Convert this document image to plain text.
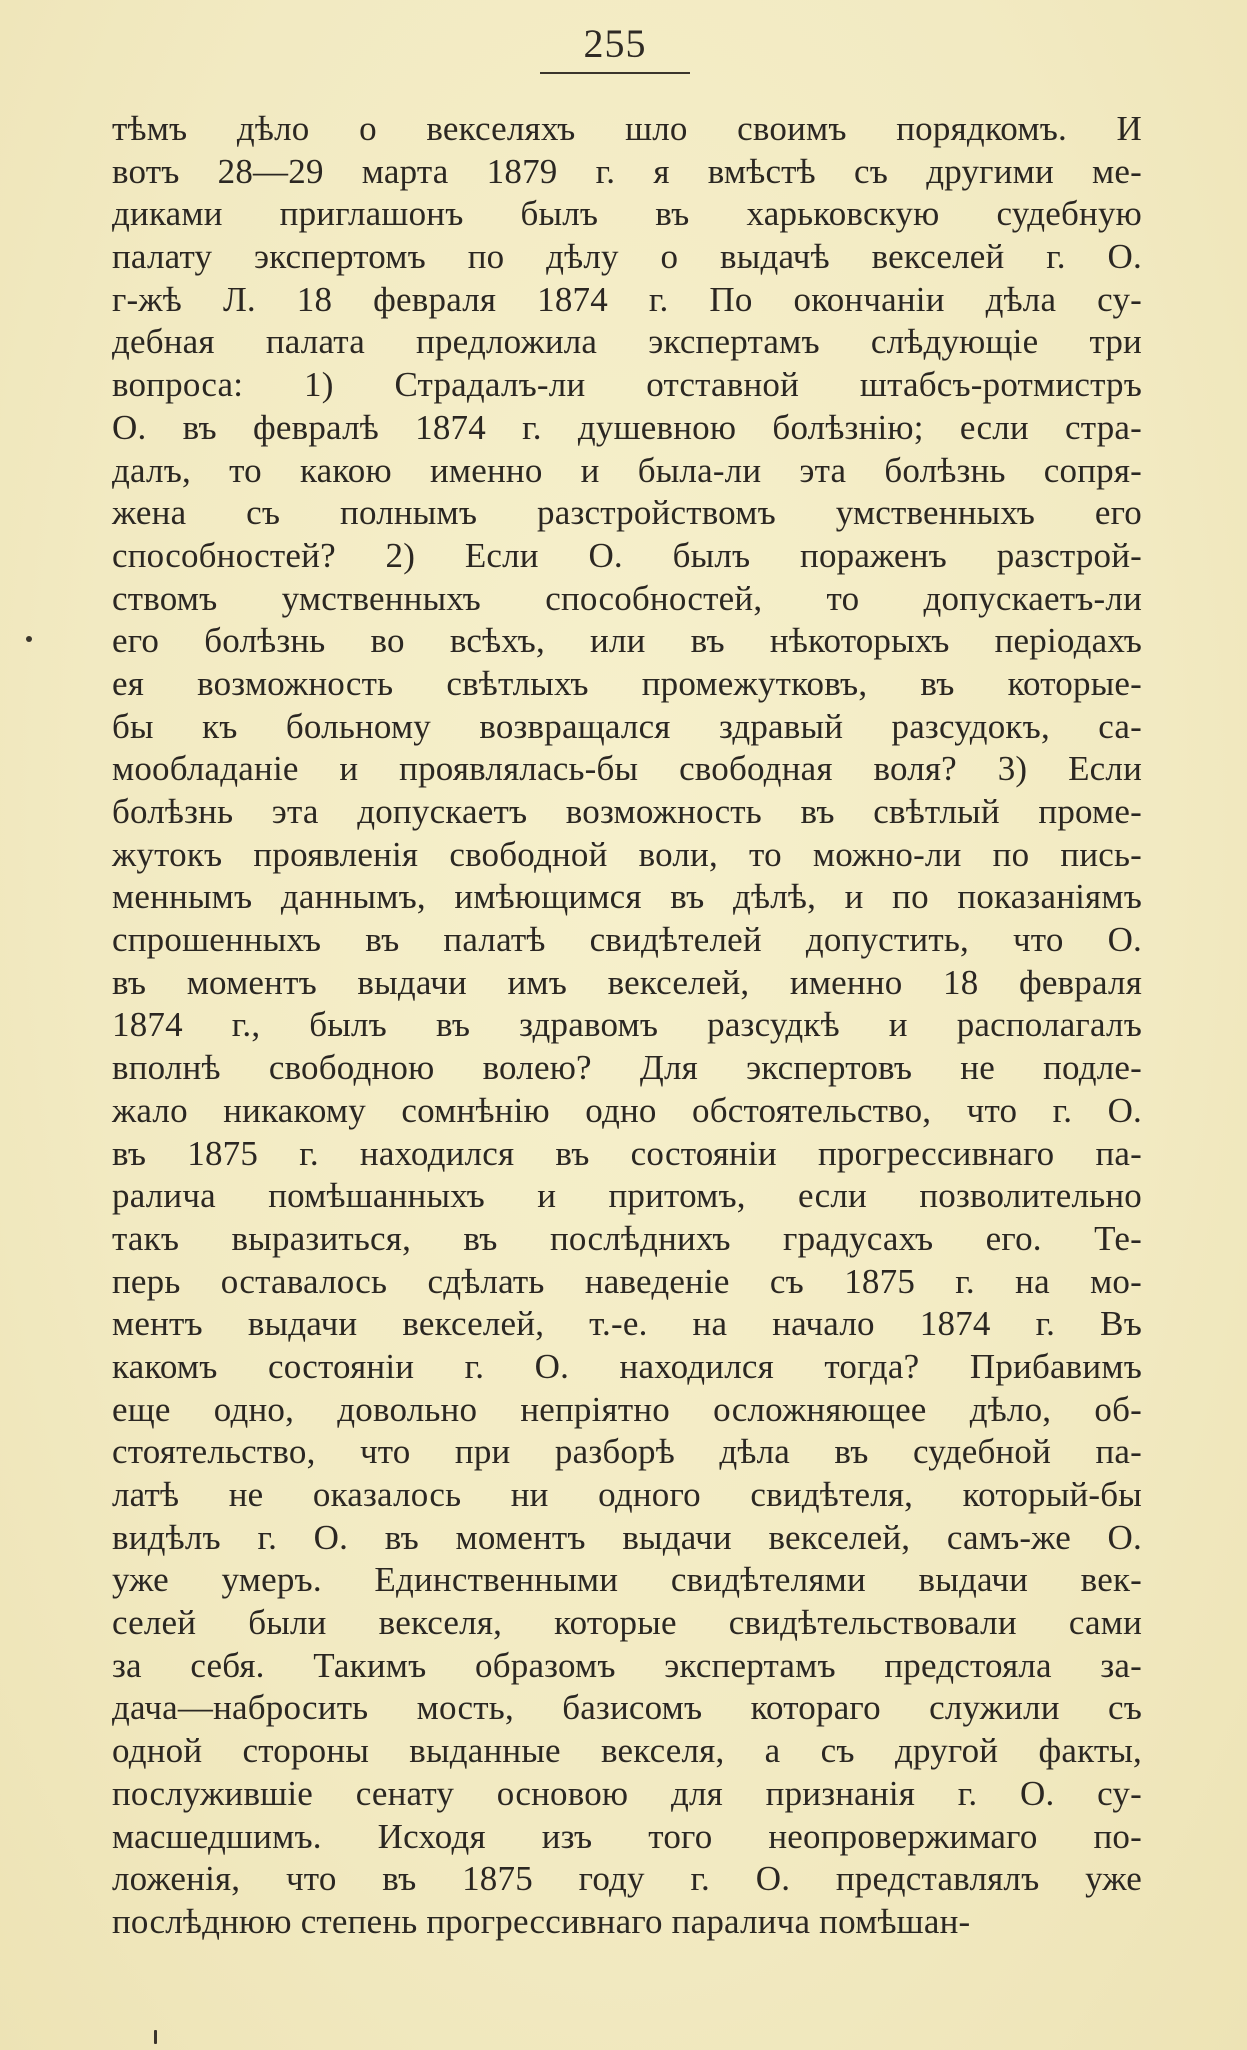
255
тѣмъ дѣло о векселяхъ шло своимъ порядкомъ. И
вотъ 28—29 марта 1879 г. я вмѣстѣ съ другими ме-
диками приглашонъ былъ въ харьковскую судебную
палату экспертомъ по дѣлу о выдачѣ векселей г. О.
г-жѣ Л. 18 февраля 1874 г. По окончаніи дѣла су-
дебная палата предложила экспертамъ слѣдующіе три
вопроса: 1) Страдалъ-ли отставной штабсъ-ротмистръ
О. въ февралѣ 1874 г. душевною болѣзнію; если стра-
далъ, то какою именно и была-ли эта болѣзнь сопря-
жена съ полнымъ разстройствомъ умственныхъ его
способностей? 2) Если О. былъ пораженъ разстрой-
ствомъ умственныхъ способностей, то допускаетъ-ли
его болѣзнь во всѣхъ, или въ нѣкоторыхъ періодахъ
ея возможность свѣтлыхъ промежутковъ, въ которые-
бы къ больному возвращался здравый разсудокъ, са-
мообладаніе и проявлялась-бы свободная воля? 3) Если
болѣзнь эта допускаетъ возможность въ свѣтлый проме-
жутокъ проявленія свободной воли, то можно-ли по пись-
меннымъ даннымъ, имѣющимся въ дѣлѣ, и по показаніямъ
спрошенныхъ въ палатѣ свидѣтелей допустить, что О.
въ моментъ выдачи имъ векселей, именно 18 февраля
1874 г., былъ въ здравомъ разсудкѣ и располагалъ
вполнѣ свободною волею? Для экспертовъ не подле-
жало никакому сомнѣнію одно обстоятельство, что г. О.
въ 1875 г. находился въ состояніи прогрессивнаго па-
ралича помѣшанныхъ и притомъ, если позволительно
такъ выразиться, въ послѣднихъ градусахъ его. Те-
перь оставалось сдѣлать наведеніе съ 1875 г. на мо-
ментъ выдачи векселей, т.-е. на начало 1874 г. Въ
какомъ состояніи г. О. находился тогда? Прибавимъ
еще одно, довольно непріятно осложняющее дѣло, об-
стоятельство, что при разборѣ дѣла въ судебной па-
латѣ не оказалось ни одного свидѣтеля, который-бы
видѣлъ г. О. въ моментъ выдачи векселей, самъ-же О.
уже умеръ. Единственными свидѣтелями выдачи век-
селей были векселя, которые свидѣтельствовали сами
за себя. Такимъ образомъ экспертамъ предстояла за-
дача—набросить мость, базисомъ котораго служили съ
одной стороны выданные векселя, а съ другой факты,
послужившіе сенату основою для признанія г. О. су-
масшедшимъ. Исходя изъ того неопровержимаго по-
ложенія, что въ 1875 году г. О. представлялъ уже
послѣднюю степень прогрессивнаго паралича помѣшан-
